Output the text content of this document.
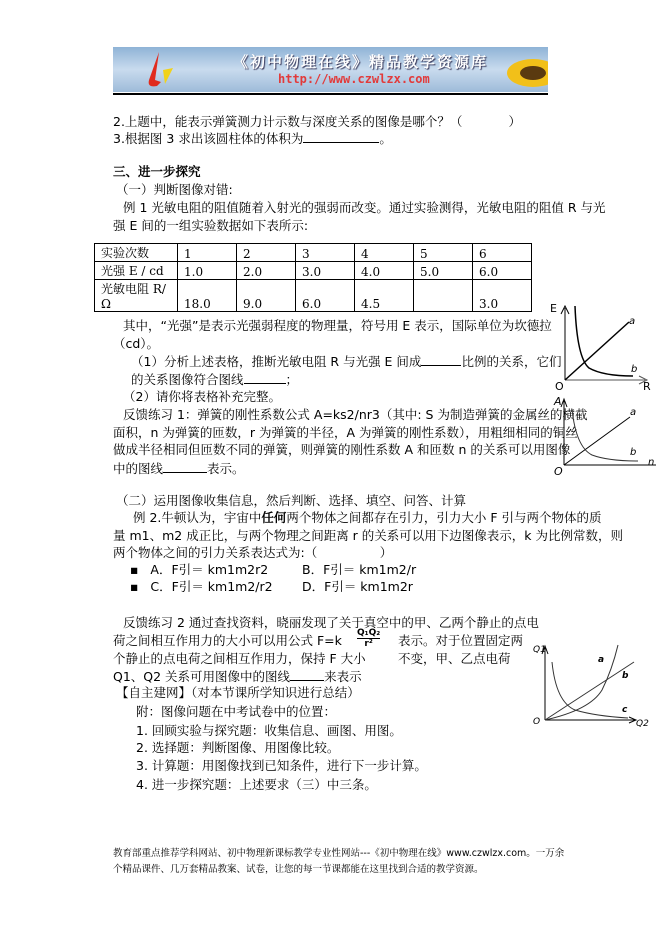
《初中物理在线》精品教学资源库
http://www.czwlzx.com
2.上题中，能表示弹簧测力计示数与深度关系的图像是哪个？（	）
3.根据图 3 求出该圆柱体的体积为	。
三、进一步探究
（一）判断图像对错:
例 1 光敏电阻的阻值随着入射光的强弱而改变。通过实验测得，光敏电阻的阻值 R 与光
强 E 间的一组实验数据如下表所示:
实验次数	1	2	3	4	5	6
光强 E / cd	1.0	2.0	3.0	4.0	5.0	6.0
光敏电阻 R/Ω	18.0	9.0	6.0	4.5		3.0
其中，“光强”是表示光强弱程度的物理量，符号用 E 表示，国际单位为坎德拉
（cd）。
（1）分析上述表格，推断光敏电阻 R 与光强 E 间成	比例的关系，它们
的关系图像符合图线	；
（2）请你将表格补充完整。
反馈练习 1：弹簧的刚性系数公式 A=ks2/nr3（其中: S 为制造弹簧的金属丝的横截
面积，n 为弹簧的匝数，r 为弹簧的半径，A 为弹簧的刚性系数），用粗细相同的铜丝
做成半径相同但匝数不同的弹簧，则弹簧的刚性系数 A 和匝数 n 的关系可以用图像
中的图线	表示。
（二）运用图像收集信息，然后判断、选择、填空、问答、计算
例 2.牛顿认为，宇宙中任何两个物体之间都存在引力，引力大小 F 引与两个物体的质
量 m1、m2 成正比，与两个物理之间距离 r 的关系可以用下边图像表示，k 为比例常数，则
两个物体之间的引力关系表达式为:（　　　　　）
▪   A．F引＝ km1m2r2	B．F引＝ km1m2/r
▪   C．F引＝ km1m2/r2 D．F引＝ km1m2r
反馈练习 2 通过查找资料，晓丽发现了关于真空中的甲、乙两个静止的点电
荷之间相互作用力的大小可以用公式 F=k Q₁Q₂
r²	表示。对于位置固定两
个静止的点电荷之间相互作用力，保持 F 大小	不变，甲、乙点电荷
Q1、Q2 关系可用图像中的图线	来表示
【自主建网】（对本节课所学知识进行总结）
附：图像问题在中考试卷中的位置：
1. 回顾实验与探究题：收集信息、画图、用图。
2. 选择题：判断图像、用图像比较。
3. 计算题：用图像找到已知条件，进行下一步计算。
4. 进一步探究题：上述要求（三）中三条。
E
R
O
a
b
A
n
O
a
b
Q1
Q2
O
a
b
c
教育部重点推荐学科网站、初中物理新课标教学专业性网站---《初中物理在线》www.czwlzx.com。一万余
个精品课件、几万套精品教案、试卷，让您的每一节课都能在这里找到合适的教学资源。
